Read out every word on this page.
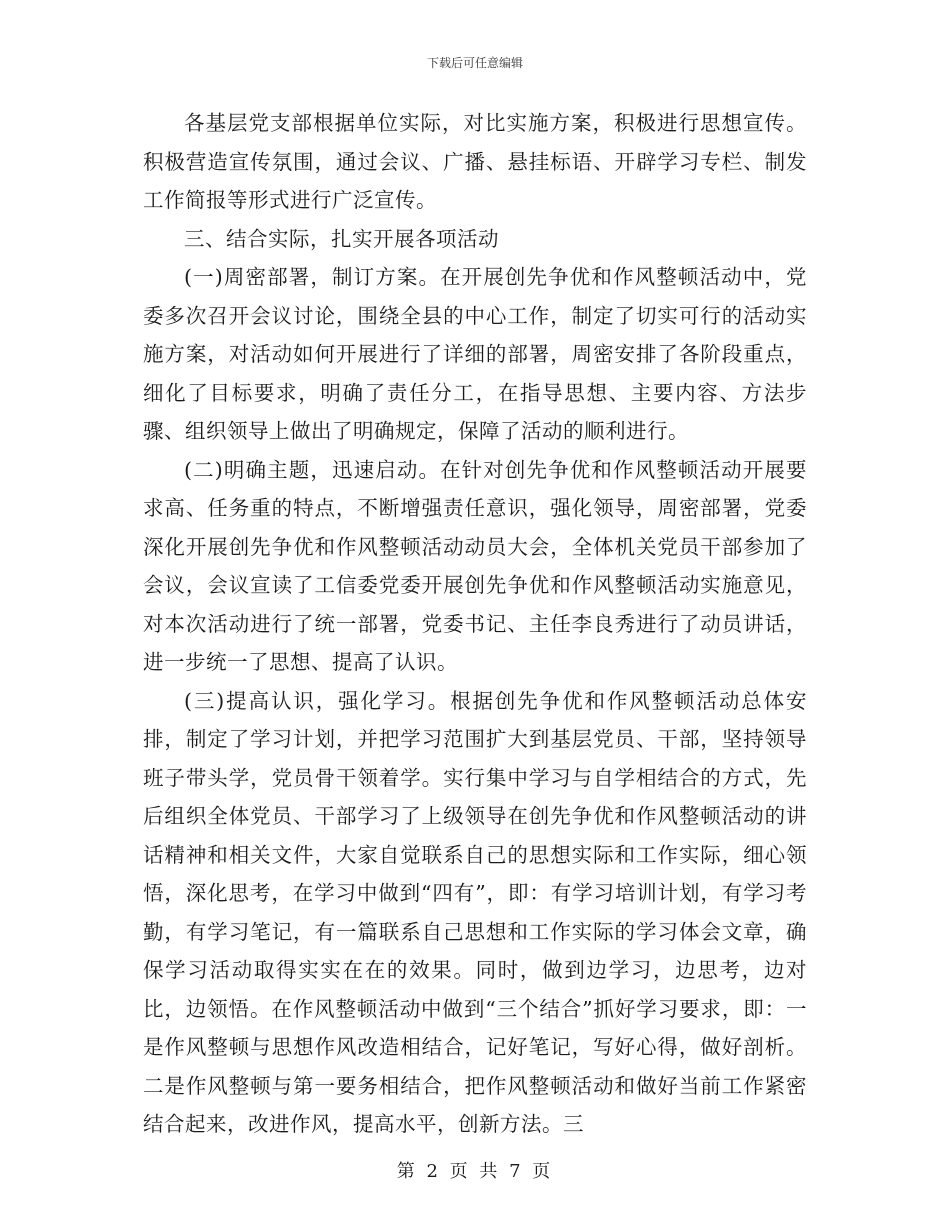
下载后可任意编辑

各基层党支部根据单位实际，对比实施方案，积极进行思想宣传。积极营造宣传氛围，通过会议、广播、悬挂标语、开辟学习专栏、制发工作简报等形式进行广泛宣传。

三、结合实际，扎实开展各项活动

(一)周密部署，制订方案。在开展创先争优和作风整顿活动中，党委多次召开会议讨论，围绕全县的中心工作，制定了切实可行的活动实施方案，对活动如何开展进行了详细的部署，周密安排了各阶段重点，细化了目标要求，明确了责任分工，在指导思想、主要内容、方法步骤、组织领导上做出了明确规定，保障了活动的顺利进行。

(二)明确主题，迅速启动。在针对创先争优和作风整顿活动开展要求高、任务重的特点，不断增强责任意识，强化领导，周密部署，党委深化开展创先争优和作风整顿活动动员大会，全体机关党员干部参加了会议，会议宣读了工信委党委开展创先争优和作风整顿活动实施意见，对本次活动进行了统一部署，党委书记、主任李良秀进行了动员讲话，进一步统一了思想、提高了认识。

(三)提高认识，强化学习。根据创先争优和作风整顿活动总体安排，制定了学习计划，并把学习范围扩大到基层党员、干部，坚持领导班子带头学，党员骨干领着学。实行集中学习与自学相结合的方式，先后组织全体党员、干部学习了上级领导在创先争优和作风整顿活动的讲话精神和相关文件，大家自觉联系自己的思想实际和工作实际，细心领悟，深化思考，在学习中做到“四有”，即：有学习培训计划，有学习考勤，有学习笔记，有一篇联系自己思想和工作实际的学习体会文章，确保学习活动取得实实在在的效果。同时，做到边学习，边思考，边对比，边领悟。在作风整顿活动中做到“三个结合”抓好学习要求，即：一是作风整顿与思想作风改造相结合，记好笔记，写好心得，做好剖析。二是作风整顿与第一要务相结合，把作风整顿活动和做好当前工作紧密结合起来，改进作风，提高水平，创新方法。三

第 2 页 共 7 页
